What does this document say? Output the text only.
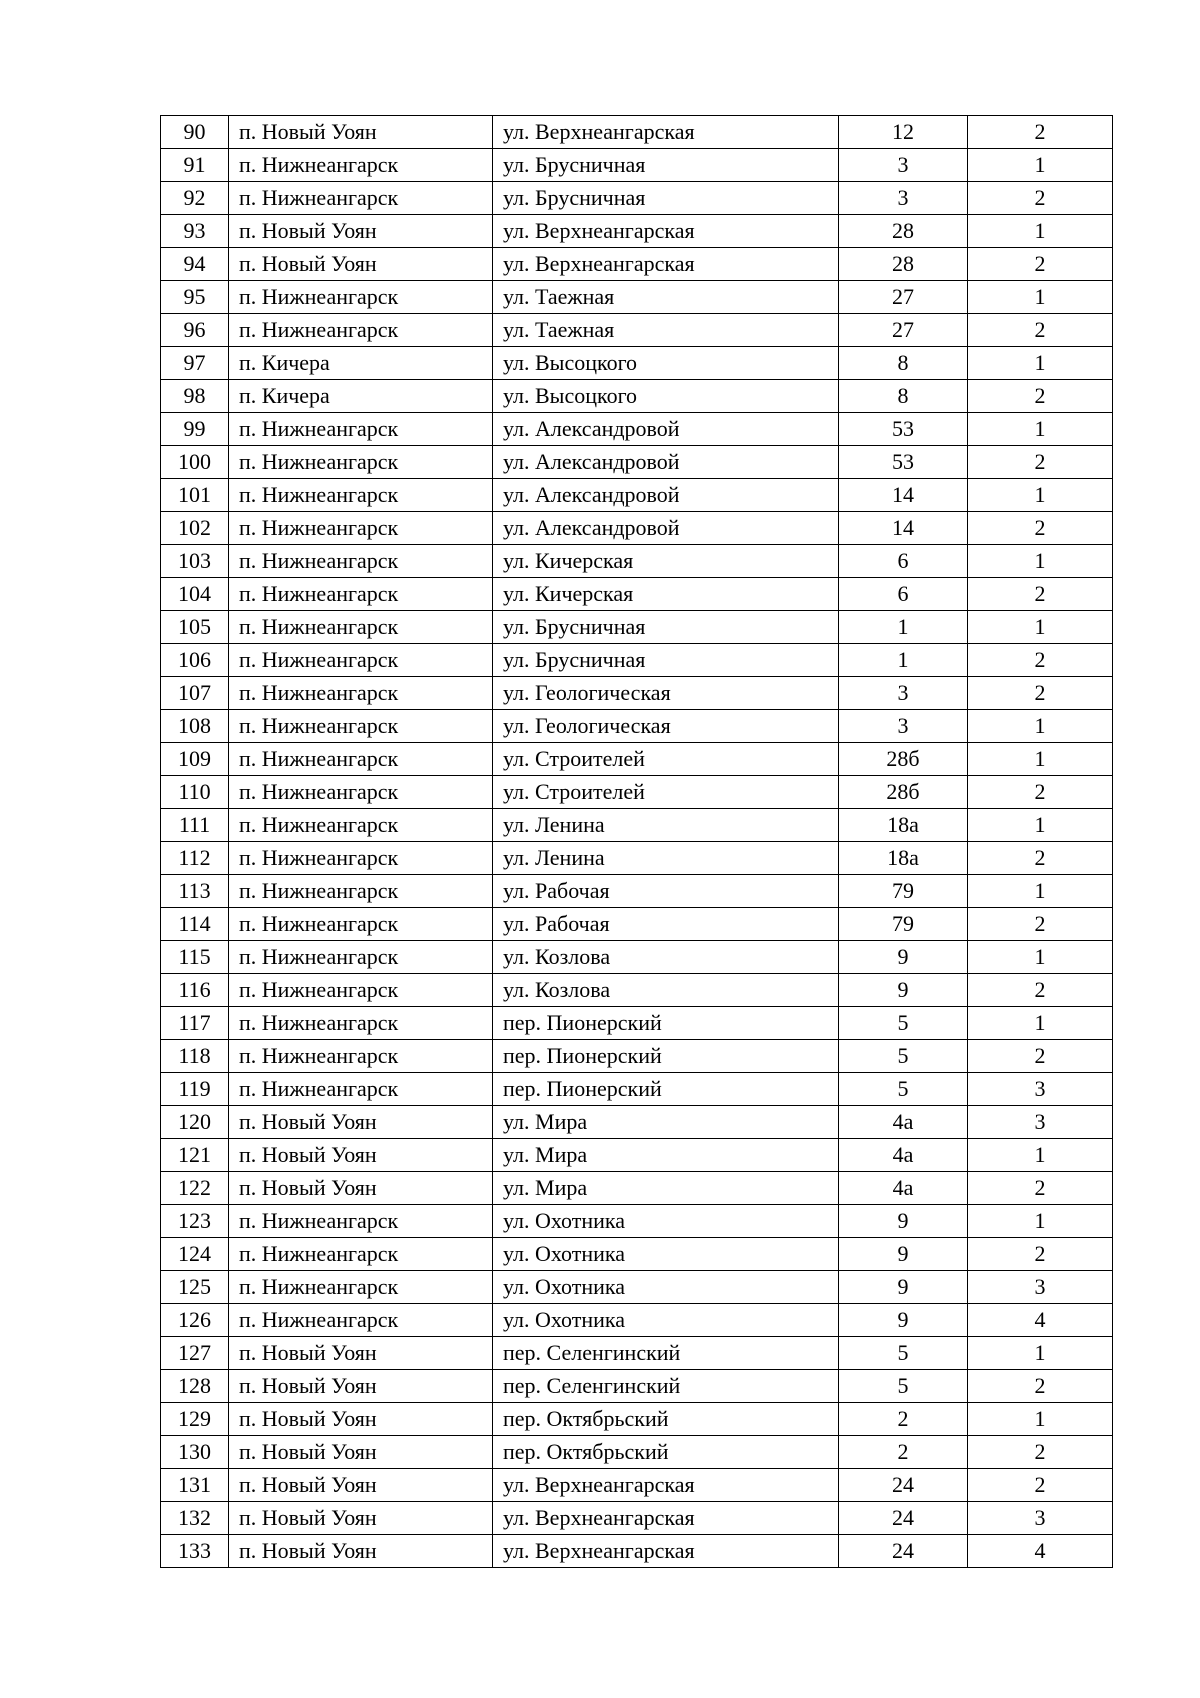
90	п. Новый Уоян	ул. Верхнеангарская	12	2
91	п. Нижнеангарск	ул. Брусничная	3	1
92	п. Нижнеангарск	ул. Брусничная	3	2
93	п. Новый Уоян	ул. Верхнеангарская	28	1
94	п. Новый Уоян	ул. Верхнеангарская	28	2
95	п. Нижнеангарск	ул. Таежная	27	1
96	п. Нижнеангарск	ул. Таежная	27	2
97	п. Кичера	ул. Высоцкого	8	1
98	п. Кичера	ул. Высоцкого	8	2
99	п. Нижнеангарск	ул. Александровой	53	1
100	п. Нижнеангарск	ул. Александровой	53	2
101	п. Нижнеангарск	ул. Александровой	14	1
102	п. Нижнеангарск	ул. Александровой	14	2
103	п. Нижнеангарск	ул. Кичерская	6	1
104	п. Нижнеангарск	ул. Кичерская	6	2
105	п. Нижнеангарск	ул. Брусничная	1	1
106	п. Нижнеангарск	ул. Брусничная	1	2
107	п. Нижнеангарск	ул. Геологическая	3	2
108	п. Нижнеангарск	ул. Геологическая	3	1
109	п. Нижнеангарск	ул. Строителей	28б	1
110	п. Нижнеангарск	ул. Строителей	28б	2
111	п. Нижнеангарск	ул. Ленина	18а	1
112	п. Нижнеангарск	ул. Ленина	18а	2
113	п. Нижнеангарск	ул. Рабочая	79	1
114	п. Нижнеангарск	ул. Рабочая	79	2
115	п. Нижнеангарск	ул. Козлова	9	1
116	п. Нижнеангарск	ул. Козлова	9	2
117	п. Нижнеангарск	пер. Пионерский	5	1
118	п. Нижнеангарск	пер. Пионерский	5	2
119	п. Нижнеангарск	пер. Пионерский	5	3
120	п. Новый Уоян	ул. Мира	4а	3
121	п. Новый Уоян	ул. Мира	4а	1
122	п. Новый Уоян	ул. Мира	4а	2
123	п. Нижнеангарск	ул. Охотника	9	1
124	п. Нижнеангарск	ул. Охотника	9	2
125	п. Нижнеангарск	ул. Охотника	9	3
126	п. Нижнеангарск	ул. Охотника	9	4
127	п. Новый Уоян	пер. Селенгинский	5	1
128	п. Новый Уоян	пер. Селенгинский	5	2
129	п. Новый Уоян	пер. Октябрьский	2	1
130	п. Новый Уоян	пер. Октябрьский	2	2
131	п. Новый Уоян	ул. Верхнеангарская	24	2
132	п. Новый Уоян	ул. Верхнеангарская	24	3
133	п. Новый Уоян	ул. Верхнеангарская	24	4
